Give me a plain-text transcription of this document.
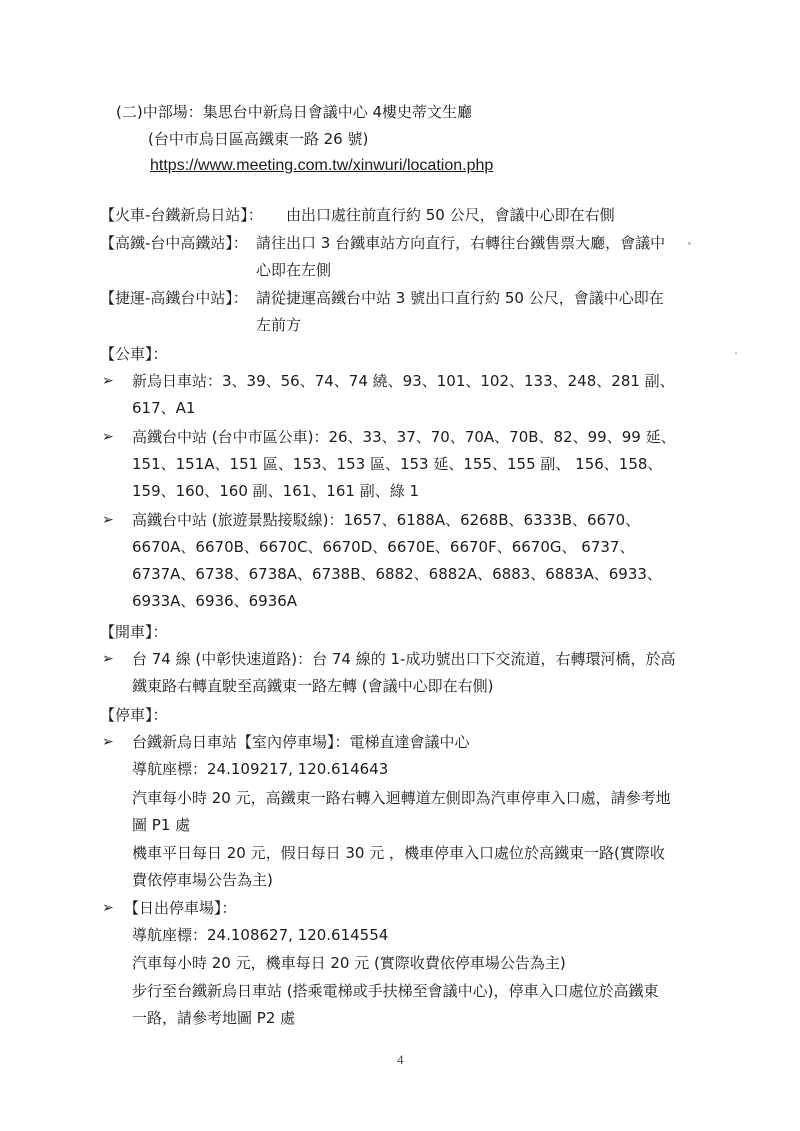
(二)中部場：集思台中新烏日會議中心 4樓史蒂文生廳
(台中市烏日區高鐵東一路 26 號)
https://www.meeting.com.tw/xinwuri/location.php
【火車-台鐵新烏日站】： 由出口處往前直行約 50 公尺，會議中心即在右側
【高鐵-台中高鐵站】： 請往出口 3 台鐵車站方向直行，右轉往台鐵售票大廳，會議中
心即在左側
【捷運-高鐵台中站】： 請從捷運高鐵台中站 3 號出口直行約 50 公尺，會議中心即在
左前方
【公車】：
➢ 新烏日車站：3、39、56、74、74 繞、93、101、102、133、248、281 副、
617、A1
➢ 高鐵台中站 (台中市區公車)：26、33、37、70、70A、70B、82、99、99 延、
151、151A、151 區、153、153 區、153 延、155、155 副、 156、158、
159、160、160 副、161、161 副、綠 1
➢ 高鐵台中站 (旅遊景點接駁線)：1657、6188A、6268B、6333B、6670、
6670A、6670B、6670C、6670D、6670E、6670F、6670G、 6737、
6737A、6738、6738A、6738B、6882、6882A、6883、6883A、6933、
6933A、6936、6936A
【開車】：
➢ 台 74 線 (中彰快速道路)：台 74 線的 1-成功號出口下交流道，右轉環河橋，於高
鐵東路右轉直駛至高鐵東一路左轉 (會議中心即在右側)
【停車】：
➢ 台鐵新烏日車站【室內停車場】：電梯直達會議中心
導航座標：24.109217, 120.614643
汽車每小時 20 元，高鐵東一路右轉入迴轉道左側即為汽車停車入口處，請參考地
圖 P1 處
機車平日每日 20 元，假日每日 30 元 ，機車停車入口處位於高鐵東一路(實際收
費依停車場公告為主)
➢ 【日出停車場】：
導航座標：24.108627, 120.614554
汽車每小時 20 元，機車每日 20 元 (實際收費依停車場公告為主)
步行至台鐵新烏日車站 (搭乘電梯或手扶梯至會議中心)，停車入口處位於高鐵東
一路，請參考地圖 P2 處
4
